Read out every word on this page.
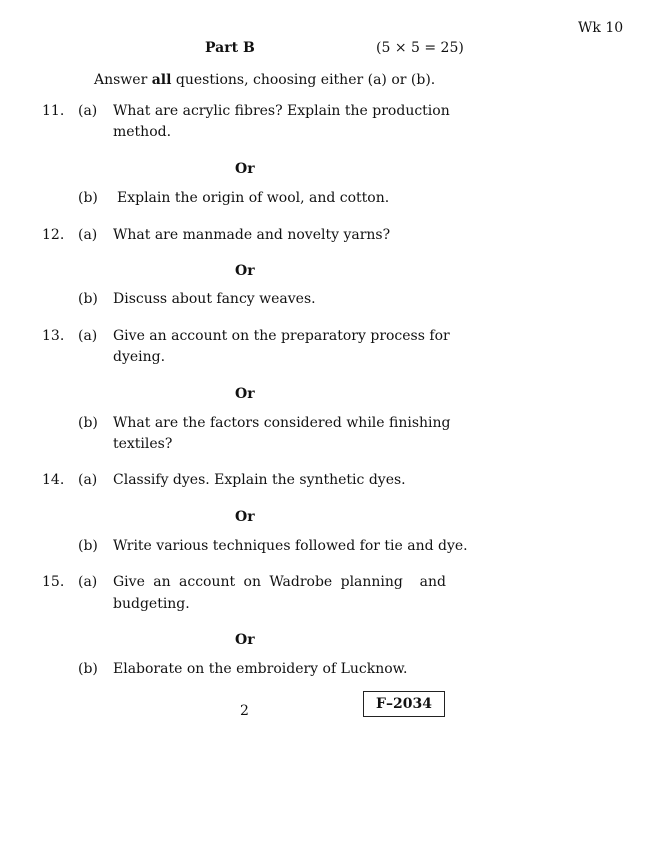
Wk 10
Part B	(5 × 5 = 25)
Answer all questions, choosing either (a) or (b).
11. (a) What are acrylic fibres? Explain the production
method.
Or
(b) Explain the origin of wool, and cotton.
12. (a) What are manmade and novelty yarns?
Or
(b) Discuss about fancy weaves.
13. (a) Give an account on the preparatory process for
dyeing.
Or
(b) What are the factors considered while finishing
textiles?
14. (a) Classify dyes. Explain the synthetic dyes.
Or
(b) Write various techniques followed for tie and dye.
15. (a) Give an account on Wadrobe planning  and
budgeting.
Or
(b) Elaborate on the embroidery of Lucknow.
2	F–2034
